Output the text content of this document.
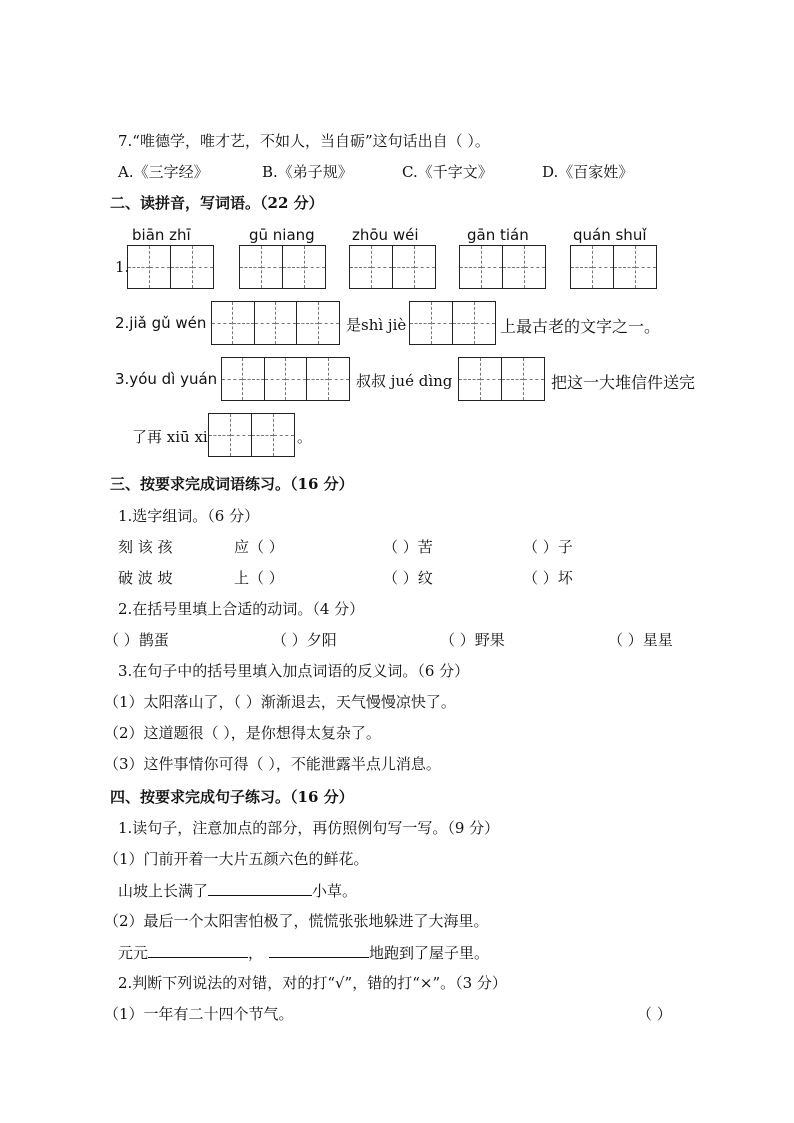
7.“唯德学，唯才艺，不如人，当自砺”这句话出自（ ）。
A.《三字经》	B.《弟子规》	C.《千字文》	D.《百家姓》
二、读拼音，写词语。（22 分）
biān zhī	gū niang zhōu wéi	gān tián	quán shuǐ
1.
2.jiǎ gǔ wén	是shì jiè	上最古老的文字之一。
3.yóu dì yuán	叔叔 jué dìng	把这一大堆信件送完
了再 xiū xi	。
三、按要求完成词语练习。（16 分）
1.选字组词。（6 分）
刻 该 孩	应（ ）	（ ）苦	（ ）子
破 波 坡	上（ ）	（ ）纹	（ ）坏
2.在括号里填上合适的动词。（4 分）
（ ）鹊蛋	（ ）夕阳	（ ）野果	（ ）星星
3.在句子中的括号里填入加点词语的反义词。（6 分）
（1）太阳落山了，（ ）渐渐退去，天气慢慢凉快了。
（2）这道题很（ ），是你想得太复杂了。
（3）这件事情你可得（ ），不能泄露半点儿消息。
四、按要求完成句子练习。（16 分）
1.读句子，注意加点的部分，再仿照例句写一写。（9 分）
（1）门前开着一大片五颜六色的鲜花。
山坡上长满了	小草。
（2）最后一个太阳害怕极了，慌慌张张地躲进了大海里。
元元	，	地跑到了屋子里。
2.判断下列说法的对错，对的打“√”，错的打“×”。（3 分）
（1）一年有二十四个节气。	（ ）
